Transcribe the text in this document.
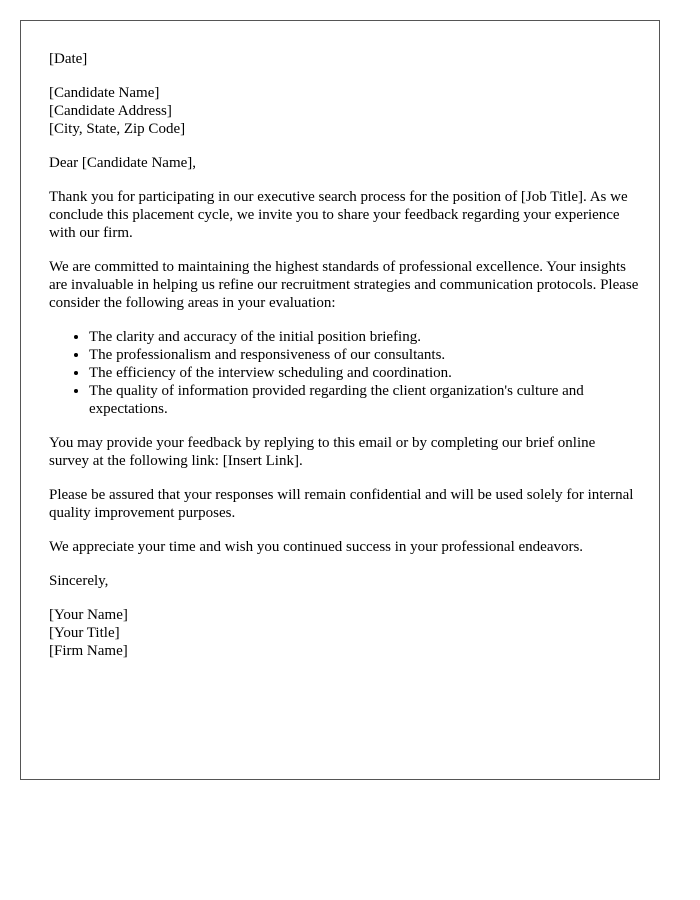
[Date]

[Candidate Name]
[Candidate Address]
[City, State, Zip Code]

Dear [Candidate Name],

Thank you for participating in our executive search process for the position of [Job Title]. As we conclude this placement cycle, we invite you to share your feedback regarding your experience with our firm.

We are committed to maintaining the highest standards of professional excellence. Your insights are invaluable in helping us refine our recruitment strategies and communication protocols. Please consider the following areas in your evaluation:

• The clarity and accuracy of the initial position briefing.
• The professionalism and responsiveness of our consultants.
• The efficiency of the interview scheduling and coordination.
• The quality of information provided regarding the client organization's culture and expectations.

You may provide your feedback by replying to this email or by completing our brief online survey at the following link: [Insert Link].

Please be assured that your responses will remain confidential and will be used solely for internal quality improvement purposes.

We appreciate your time and wish you continued success in your professional endeavors.

Sincerely,

[Your Name]
[Your Title]
[Firm Name]
